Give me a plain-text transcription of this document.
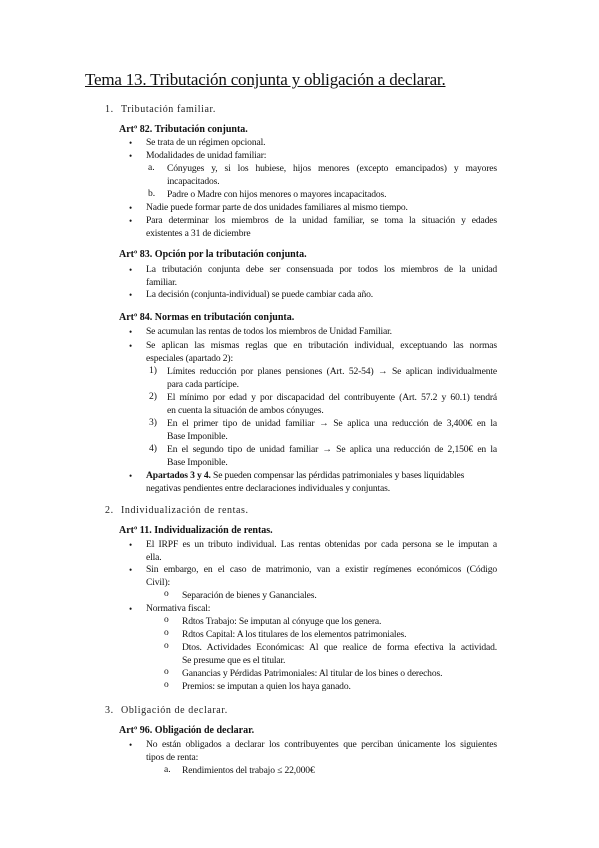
Tema 13. Tributación conjunta y obligación a declarar.
1. Tributación familiar.
Artº 82. Tributación conjunta.
• Se trata de un régimen opcional.
• Modalidades de unidad familiar:
a. Cónyuges y, si los hubiese, hijos menores (excepto emancipados) y mayores
incapacitados.
b. Padre o Madre con hijos menores o mayores incapacitados.
• Nadie puede formar parte de dos unidades familiares al mismo tiempo.
• Para determinar los miembros de la unidad familiar, se toma la situación y edades
existentes a 31 de diciembre
Artº 83. Opción por la tributación conjunta.
• La tributación conjunta debe ser consensuada por todos los miembros de la unidad
familiar.
• La decisión (conjunta-individual) se puede cambiar cada año.
Artº 84. Normas en tributación conjunta.
• Se acumulan las rentas de todos los miembros de Unidad Familiar.
• Se aplican las mismas reglas que en tributación individual, exceptuando las normas
especiales (apartado 2):
1) Límites reducción por planes pensiones (Art. 52-54) → Se aplican individualmente
para cada partícipe.
2) El mínimo por edad y por discapacidad del contribuyente (Art. 57.2 y 60.1) tendrá
en cuenta la situación de ambos cónyuges.
3) En el primer tipo de unidad familiar → Se aplica una reducción de 3,400€ en la
Base Imponible.
4) En el segundo tipo de unidad familiar → Se aplica una reducción de 2,150€ en la
Base Imponible.
• Apartados 3 y 4. Se pueden compensar las pérdidas patrimoniales y bases liquidables
negativas pendientes entre declaraciones individuales y conjuntas.
2. Individualización de rentas.
Artº 11. Individualización de rentas.
• El IRPF es un tributo individual. Las rentas obtenidas por cada persona se le imputan a
ella.
• Sin embargo, en el caso de matrimonio, van a existir regímenes económicos (Código
Civil):
o Separación de bienes y Gananciales.
• Normativa fiscal:
o Rdtos Trabajo: Se imputan al cónyuge que los genera.
o Rdtos Capital: A los titulares de los elementos patrimoniales.
o Dtos. Actividades Económicas: Al que realice de forma efectiva la actividad.
Se presume que es el titular.
o Ganancias y Pérdidas Patrimoniales: Al titular de los bines o derechos.
o Premios: se imputan a quien los haya ganado.
3. Obligación de declarar.
Artº 96. Obligación de declarar.
• No están obligados a declarar los contribuyentes que perciban únicamente los siguientes
tipos de renta:
a. Rendimientos del trabajo ≤ 22,000€
